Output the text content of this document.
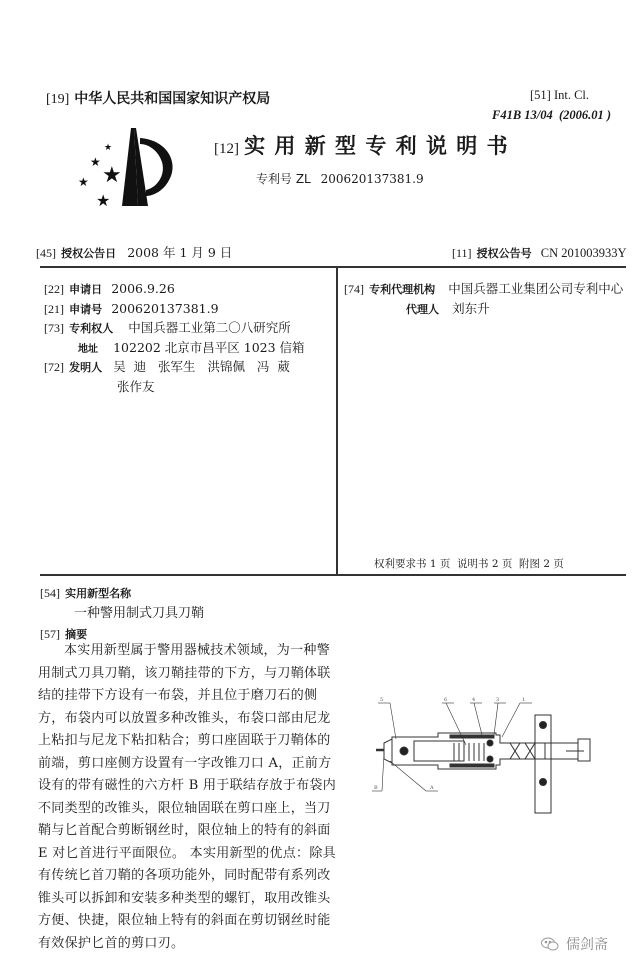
[19] 中华人民共和国国家知识产权局
★
★
★
★
★
[12] 实 用 新 型 专 利 说 明 书
专利号 ZL 200620137381.9
[51] Int. Cl.
F41B 13/04  (2006.01 )
[45] 授权公告日 2008 年 1 月 9 日	[11] 授权公告号 CN 201003933Y
[22] 申请日 2006.9.26
[21] 申请号 200620137381.9
[73] 专利权人 中国兵器工业第二〇八研究所
地址 102202 北京市昌平区 1023 信箱
[72] 发明人 吴  迪   张军生   洪锦佩   冯  葳
张作友
[74] 专利代理机构 中国兵器工业集团公司专利中心
代理人 刘东升
权利要求书 1 页  说明书 2 页  附图 2 页
[54] 实用新型名称
一种警用制式刀具刀鞘
[57] 摘要
本实用新型属于警用器械技术领域，为一种警
用制式刀具刀鞘，该刀鞘挂带的下方，与刀鞘体联
结的挂带下方设有一布袋，并且位于磨刀石的侧
方，布袋内可以放置多种改锥头，布袋口部由尼龙
上粘扣与尼龙下粘扣粘合；剪口座固联于刀鞘体的
前端，剪口座侧方设置有一字改锥刀口 A，正前方
设有的带有磁性的六方杆 B 用于联结存放于布袋内
不同类型的改锥头，限位轴固联在剪口座上，当刀
鞘与匕首配合剪断钢丝时，限位轴上的特有的斜面
E 对匕首进行平面限位。 本实用新型的优点：除具
有传统匕首刀鞘的各项功能外，同时配带有系列改
锥头可以拆卸和安装多种类型的螺钉，取用改锥头
方便、快捷，限位轴上特有的斜面在剪切钢丝时能
有效保护匕首的剪口刃。
5	6	4	3	1
B	A
儒剑斋
